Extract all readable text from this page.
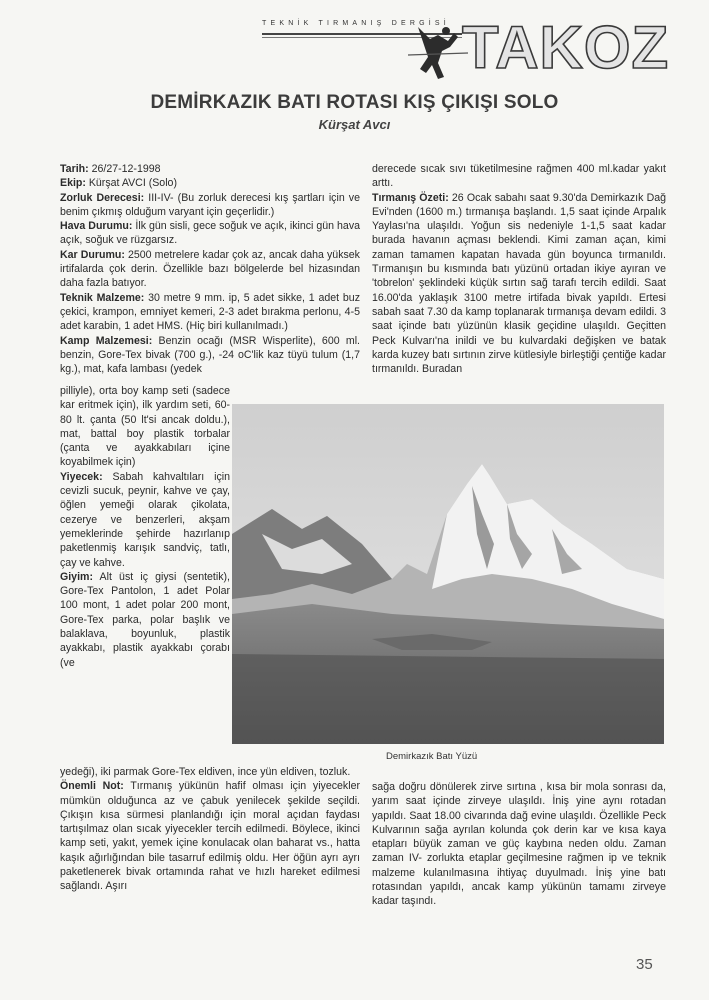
TEKNİK TIRMANIŞ DERGİSİ TAKOZ
DEMİRKAZIK BATI ROTASI KIŞ ÇIKIŞI SOLO
Kürşat Avcı

Tarih: 26/27-12-1998

Ekip: Kürşat AVCI (Solo)

Zorluk Derecesi: III-IV- (Bu zorluk derecesi kış şartları için ve benim çıkmış olduğum varyant için geçerlidir.)

Hava Durumu: İlk gün sisli, gece soğuk ve açık, ikinci gün hava açık, soğuk ve rüzgarsız.

Kar Durumu: 2500 metrelere kadar çok az, ancak daha yüksek irtifalarda çok derin. Özellikle bazı bölgelerde bel hizasından daha fazla batıyor.

Teknik Malzeme: 30 metre 9 mm. ip, 5 adet sikke, 1 adet buz çekici, krampon, emniyet kemeri, 2-3 adet bırakma perlonu, 4-5 adet karabin, 1 adet HMS. (Hiç biri kullanılmadı.)

Kamp Malzemesi: Benzin ocağı (MSR Wisperlite), 600 ml. benzin, Gore-Tex bivak (700 g.), -24 oC'lik kaz tüyü tulum (1,7 kg.), mat, kafa lambası (yedek

pilliyle), orta boy kamp seti (sadece kar eritmek için), ilk yardım seti, 60-80 lt. çanta (50 lt'si ancak doldu.), mat, battal boy plastik torbalar (çanta ve ayakkabıları içine koyabilmek için)

Yiyecek: Sabah kahvaltıları için cevizli sucuk, peynir, kahve ve çay, öğlen yemeği olarak çikolata, cezerye ve benzerleri, akşam yemeklerinde şehirde hazırlanıp paketlenmiş karışık sandviç, tatlı, çay ve kahve.

Giyim: Alt üst iç giysi (sentetik), Gore-Tex Pantolon, 1 adet Polar 100 mont, 1 adet polar 200 mont, Gore-Tex parka, polar başlık ve balaklava, boyunluk, plastik ayakkabı, plastik ayakkabı çorabı (ve

yedeği), iki parmak Gore-Tex eldiven, ince yün eldiven, tozluk.

Önemli Not: Tırmanış yükünün hafif olması için yiyecekler mümkün olduğunca az ve çabuk yenilecek şekilde seçildi. Çıkışın kısa sürmesi planlandığı için moral açıdan faydası tartışılmaz olan sıcak yiyecekler tercih edilmedi. Böylece, ikinci kamp seti, yakıt, yemek içine konulacak olan baharat vs., hatta kaşık ağırlığından bile tasarruf edilmiş oldu. Her öğün ayrı ayrı paketlenerek bivak ortamında rahat ve hızlı hareket edilmesi sağlandı. Aşırı

derecede sıcak sıvı tüketilmesine rağmen 400 ml.kadar yakıt arttı.

Tırmanış Özeti: 26 Ocak sabahı saat 9.30'da Demirkazık Dağ Evi'nden (1600 m.) tırmanışa başlandı. 1,5 saat içinde Arpalık Yaylası'na ulaşıldı. Yoğun sis nedeniyle 1-1,5 saat kadar burada havanın açması beklendi. Kimi zaman açan, kimi zaman tamamen kapatan havada gün boyunca tırmanıldı. Tırmanışın bu kısmında batı yüzünü ortadan ikiye ayıran ve 'tobrelon' şeklindeki küçük sırtın sağ tarafı tercih edildi. Saat 16.00'da yaklaşık 3100 metre irtifada bivak yapıldı. Ertesi sabah saat 7.30 da kamp toplanarak tırmanışa devam edildi. 3 saat içinde batı yüzünün klasik geçidine ulaşıldı. Geçitten Peck Kulvarı'na inildi ve bu kulvardaki değişken ve batak karda kuzey batı sırtının zirve kütlesiyle birleştiği çentiğe kadar tırmanıldı. Buradan

Demirkazık Batı Yüzü

sağa doğru dönülerek zirve sırtına , kısa bir mola sonrası da, yarım saat içinde zirveye ulaşıldı. İniş yine aynı rotadan yapıldı. Saat 18.00 civarında dağ evine ulaşıldı. Özellikle Peck Kulvarının sağa ayrılan kolunda çok derin kar ve kısa kaya etapları büyük zaman ve güç kaybına neden oldu. Zaman zaman IV- zorlukta etaplar geçilmesine rağmen ip ve teknik malzeme kulanılmasına ihtiyaç duyulmadı. İniş yine batı rotasından yapıldı, ancak kamp yükünün tamamı zirveye kadar taşındı.

35
